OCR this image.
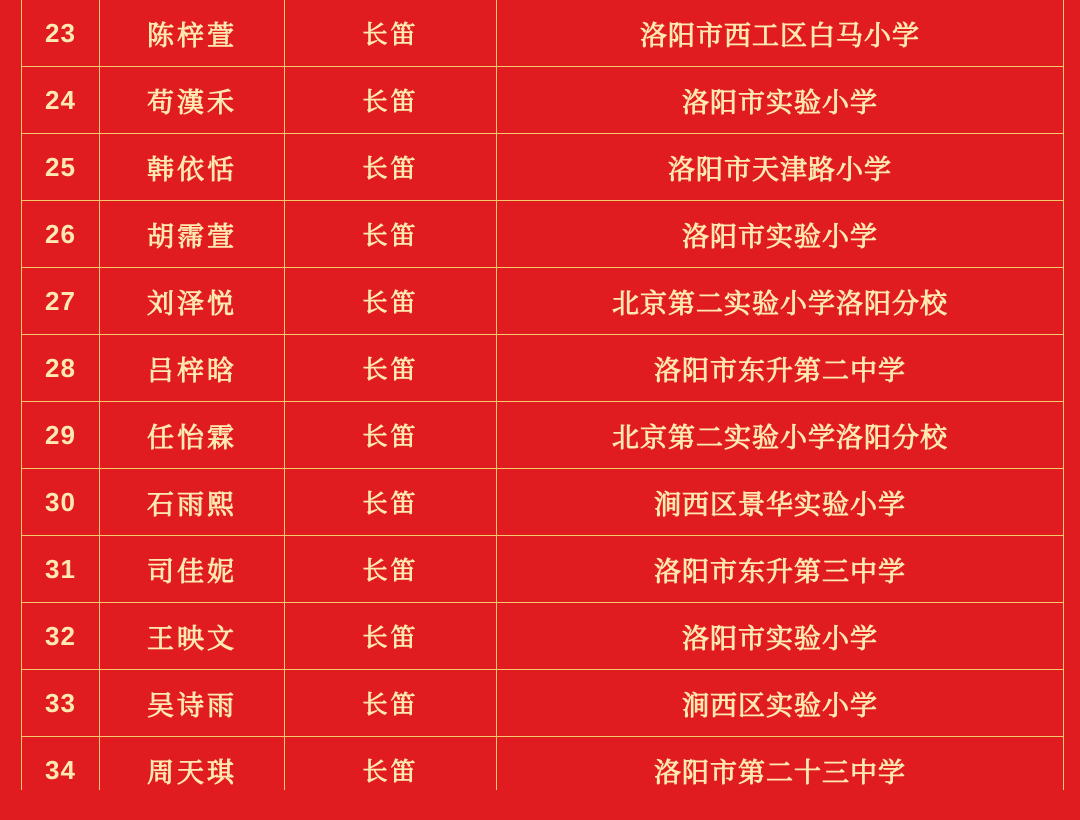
23	陈梓萱	长笛	洛阳市西工区白马小学
24	苟漢禾	长笛	洛阳市实验小学
25	韩依恬	长笛	洛阳市天津路小学
26	胡霈萱	长笛	洛阳市实验小学
27	刘泽悦	长笛	北京第二实验小学洛阳分校
28	吕梓晗	长笛	洛阳市东升第二中学
29	任怡霖	长笛	北京第二实验小学洛阳分校
30	石雨熙	长笛	涧西区景华实验小学
31	司佳妮	长笛	洛阳市东升第三中学
32	王映文	长笛	洛阳市实验小学
33	吴诗雨	长笛	涧西区实验小学
34	周天琪	长笛	洛阳市第二十三中学
